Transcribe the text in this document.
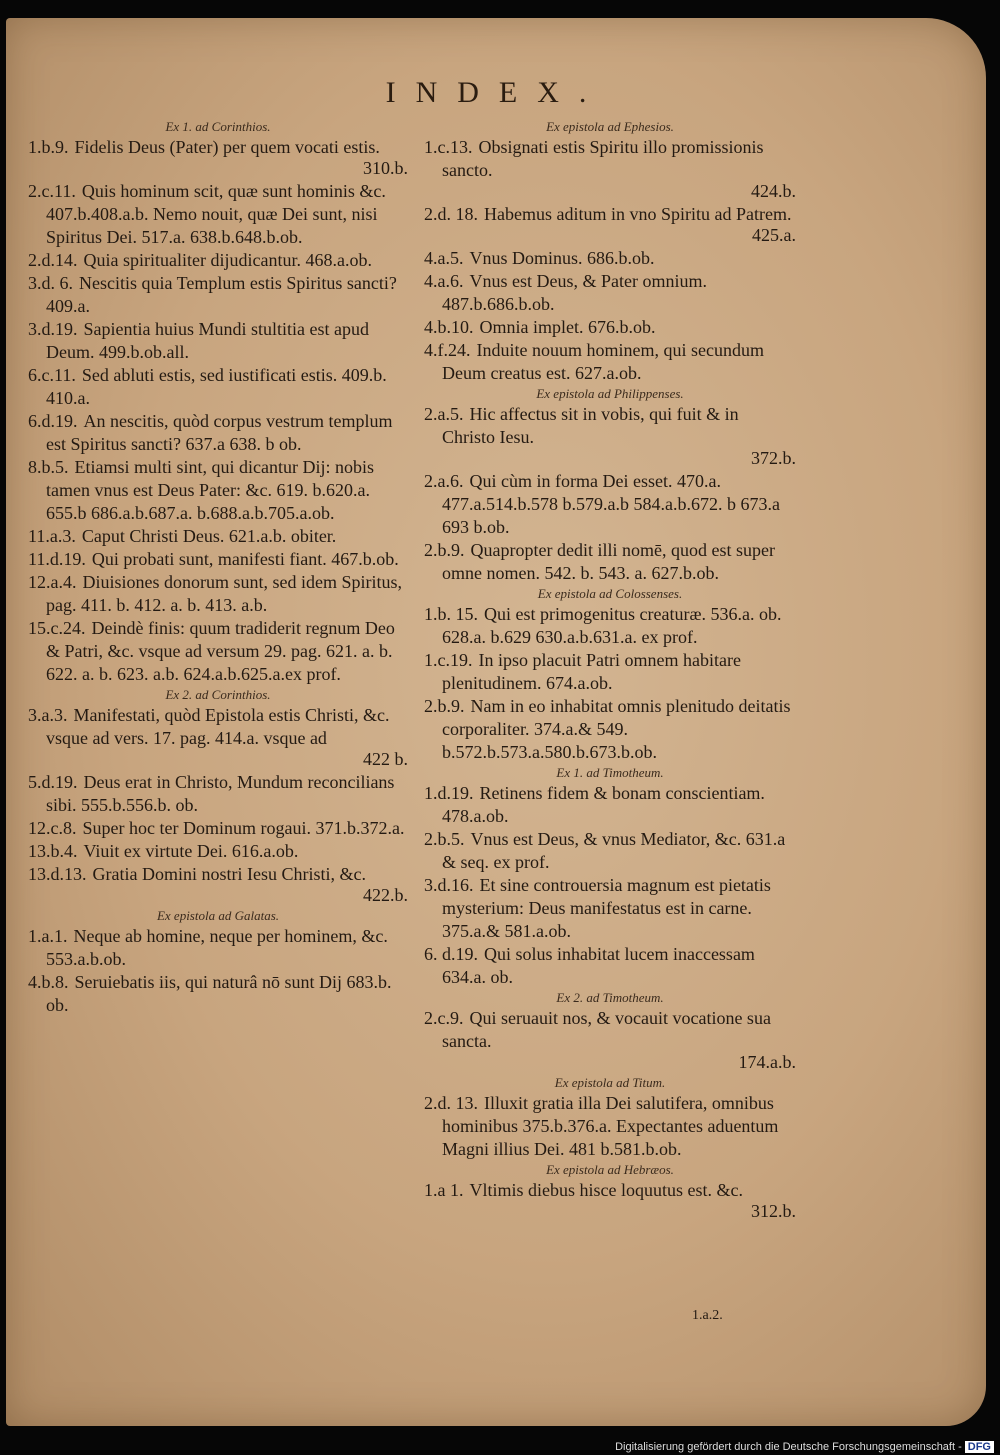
INDEX.
Ex 1. ad Corinthios.
1.b.9. Fidelis Deus (Pater) per quem vocati estis.
310.b.
2.c.11. Quis hominum scit, quæ sunt hominis &c. 407.b.408.a.b. Nemo nouit, quæ Dei sunt, nisi Spiritus Dei. 517.a. 638.b.648.b.ob.
2.d.14. Quia spiritualiter dijudicantur. 468.a.ob.
3.d. 6. Nescitis quia Templum estis Spiritus sancti? 409.a.
3.d.19. Sapientia huius Mundi stultitia est apud Deum. 499.b.ob.all.
6.c.11. Sed abluti estis, sed iustificati estis. 409.b. 410.a.
6.d.19. An nescitis, quòd corpus vestrum templum est Spiritus sancti? 637.a 638. b ob.
8.b.5. Etiamsi multi sint, qui dicantur Dij: nobis tamen vnus est Deus Pater: &c. 619. b.620.a. 655.b 686.a.b.687.a. b.688.a.b.705.a.ob.
11.a.3. Caput Christi Deus. 621.a.b. obiter.
11.d.19. Qui probati sunt, manifesti fiant. 467.b.ob.
12.a.4. Diuisiones donorum sunt, sed idem Spiritus, pag. 411. b. 412. a. b. 413. a.b.
15.c.24. Deindè finis: quum tradiderit regnum Deo & Patri, &c. vsque ad versum 29. pag. 621. a. b. 622. a. b. 623. a.b. 624.a.b.625.a.ex prof.
Ex 2. ad Corinthios.
3.a.3. Manifestati, quòd Epistola estis Christi, &c. vsque ad vers. 17. pag. 414.a. vsque ad
422 b.
5.d.19. Deus erat in Christo, Mundum reconcilians sibi. 555.b.556.b. ob.
12.c.8. Super hoc ter Dominum rogaui. 371.b.372.a.
13.b.4. Viuit ex virtute Dei. 616.a.ob.
13.d.13. Gratia Domini nostri Iesu Christi, &c.
422.b.
Ex epistola ad Galatas.
1.a.1. Neque ab homine, neque per hominem, &c. 553.a.b.ob.
4.b.8. Seruiebatis iis, qui naturâ nō sunt Dij 683.b. ob.
Ex epistola ad Ephesios.
1.c.13. Obsignati estis Spiritu illo promissionis sancto.
424.b.
2.d. 18. Habemus aditum in vno Spiritu ad Patrem.
425.a.
4.a.5. Vnus Dominus. 686.b.ob.
4.a.6. Vnus est Deus, & Pater omnium. 487.b.686.b.ob.
4.b.10. Omnia implet. 676.b.ob.
4.f.24. Induite nouum hominem, qui secundum Deum creatus est. 627.a.ob.
Ex epistola ad Philippenses.
2.a.5. Hic affectus sit in vobis, qui fuit & in Christo Iesu.
372.b.
2.a.6. Qui cùm in forma Dei esset. 470.a. 477.a.514.b.578 b.579.a.b 584.a.b.672. b 673.a 693 b.ob.
2.b.9. Quapropter dedit illi nomē, quod est super omne nomen. 542. b. 543. a. 627.b.ob.
Ex epistola ad Colossenses.
1.b. 15. Qui est primogenitus creaturæ. 536.a. ob. 628.a. b.629 630.a.b.631.a. ex prof.
1.c.19. In ipso placuit Patri omnem habitare plenitudinem. 674.a.ob.
2.b.9. Nam in eo inhabitat omnis plenitudo deitatis corporaliter. 374.a.& 549. b.572.b.573.a.580.b.673.b.ob.
Ex 1. ad Timotheum.
1.d.19. Retinens fidem & bonam conscientiam. 478.a.ob.
2.b.5. Vnus est Deus, & vnus Mediator, &c. 631.a & seq. ex prof.
3.d.16. Et sine controuersia magnum est pietatis mysterium: Deus manifestatus est in carne. 375.a.& 581.a.ob.
6. d.19. Qui solus inhabitat lucem inaccessam 634.a. ob.
Ex 2. ad Timotheum.
2.c.9. Qui seruauit nos, & vocauit vocatione sua sancta.
174.a.b.
Ex epistola ad Titum.
2.d. 13. Illuxit gratia illa Dei salutifera, omnibus hominibus 375.b.376.a. Expectantes aduentum Magni illius Dei. 481 b.581.b.ob.
Ex epistola ad Hebræos.
1.a 1. Vltimis diebus hisce loquutus est. &c.
312.b.
1.a.2.
Digitalisierung gefördert durch die Deutsche Forschungsgemeinschaft - DFG
